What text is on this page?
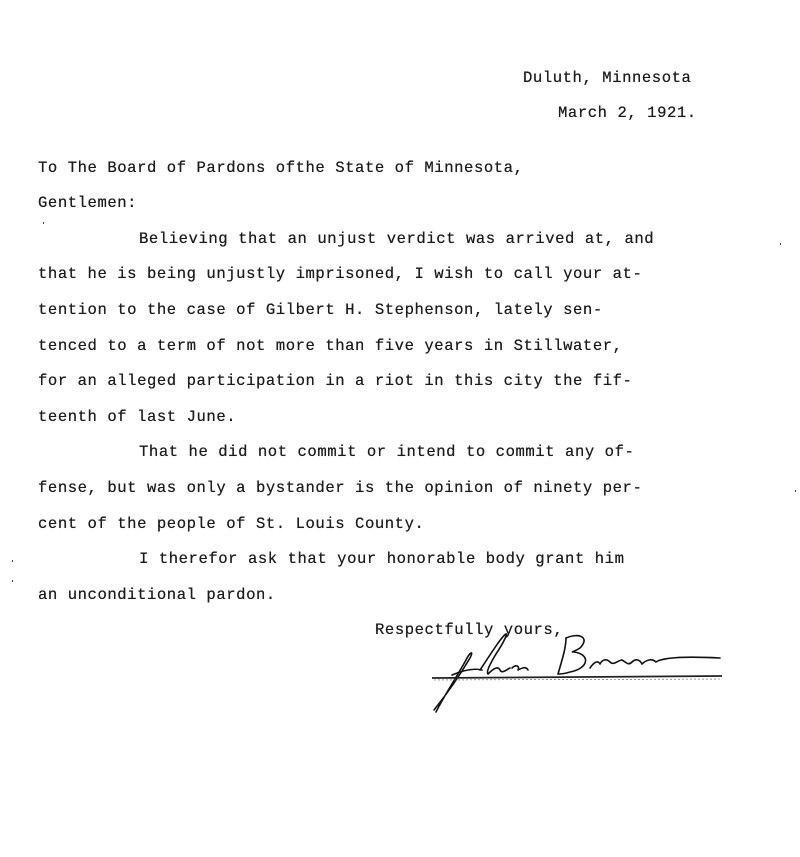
Duluth, Minnesota
March 2, 1921.
To The Board of Pardons ofthe State of Minnesota,
Gentlemen:
Believing that an unjust verdict was arrived at, and
that he is being unjustly imprisoned, I wish to call your at-
tention to the case of Gilbert H. Stephenson, lately sen-
tenced to a term of not more than five years in Stillwater,
for an alleged participation in a riot in this city the fif-
teenth of last June.
That he did not commit or intend to commit any of-
fense, but was only a bystander is the opinion of ninety per-
cent of the people of St. Louis County.
I therefor ask that your honorable body grant him
an unconditional pardon.
Respectfully yours,
